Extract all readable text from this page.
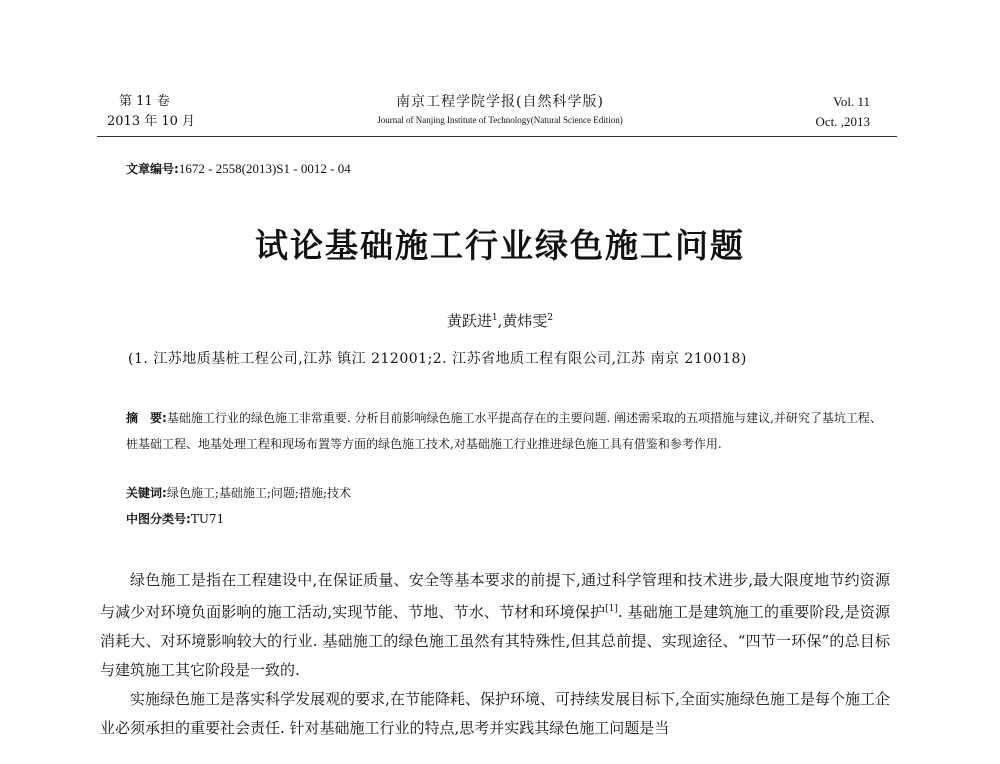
第 11 卷
2013 年 10 月
南京工程学院学报(自然科学版)
Journal of Nanjing Institute of Technology(Natural Science Edition)
Vol. 11
Oct. ,2013
文章编号:1672 - 2558(2013)S1 - 0012 - 04
试论基础施工行业绿色施工问题
黄跃进$^1$,黄炜雯$^2$
(1. 江苏地质基桩工程公司,江苏 镇江 212001;2. 江苏省地质工程有限公司,江苏 南京 210018)
摘　要:基础施工行业的绿色施工非常重要. 分析目前影响绿色施工水平提高存在的主要问题. 阐述需采取的五项措施与建议,并研究了基坑工程、桩基础工程、地基处理工程和现场布置等方面的绿色施工技术,对基础施工行业推进绿色施工具有借鉴和参考作用.
关键词:绿色施工;基础施工;问题;措施;技术
中图分类号:TU71

绿色施工是指在工程建设中,在保证质量、安全等基本要求的前提下,通过科学管理和技术进步,最大限度地节约资源与减少对环境负面影响的施工活动,实现节能、节地、节水、节材和环境保护[1]. 基础施工是建筑施工的重要阶段,是资源消耗大、对环境影响较大的行业. 基础施工的绿色施工虽然有其特殊性,但其总前提、实现途径、“四节一环保”的总目标与建筑施工其它阶段是一致的.

实施绿色施工是落实科学发展观的要求,在节能降耗、保护环境、可持续发展目标下,全面实施绿色施工是每个施工企业必须承担的重要社会责任. 针对基础施工行业的特点,思考并实践其绿色施工问题是当
